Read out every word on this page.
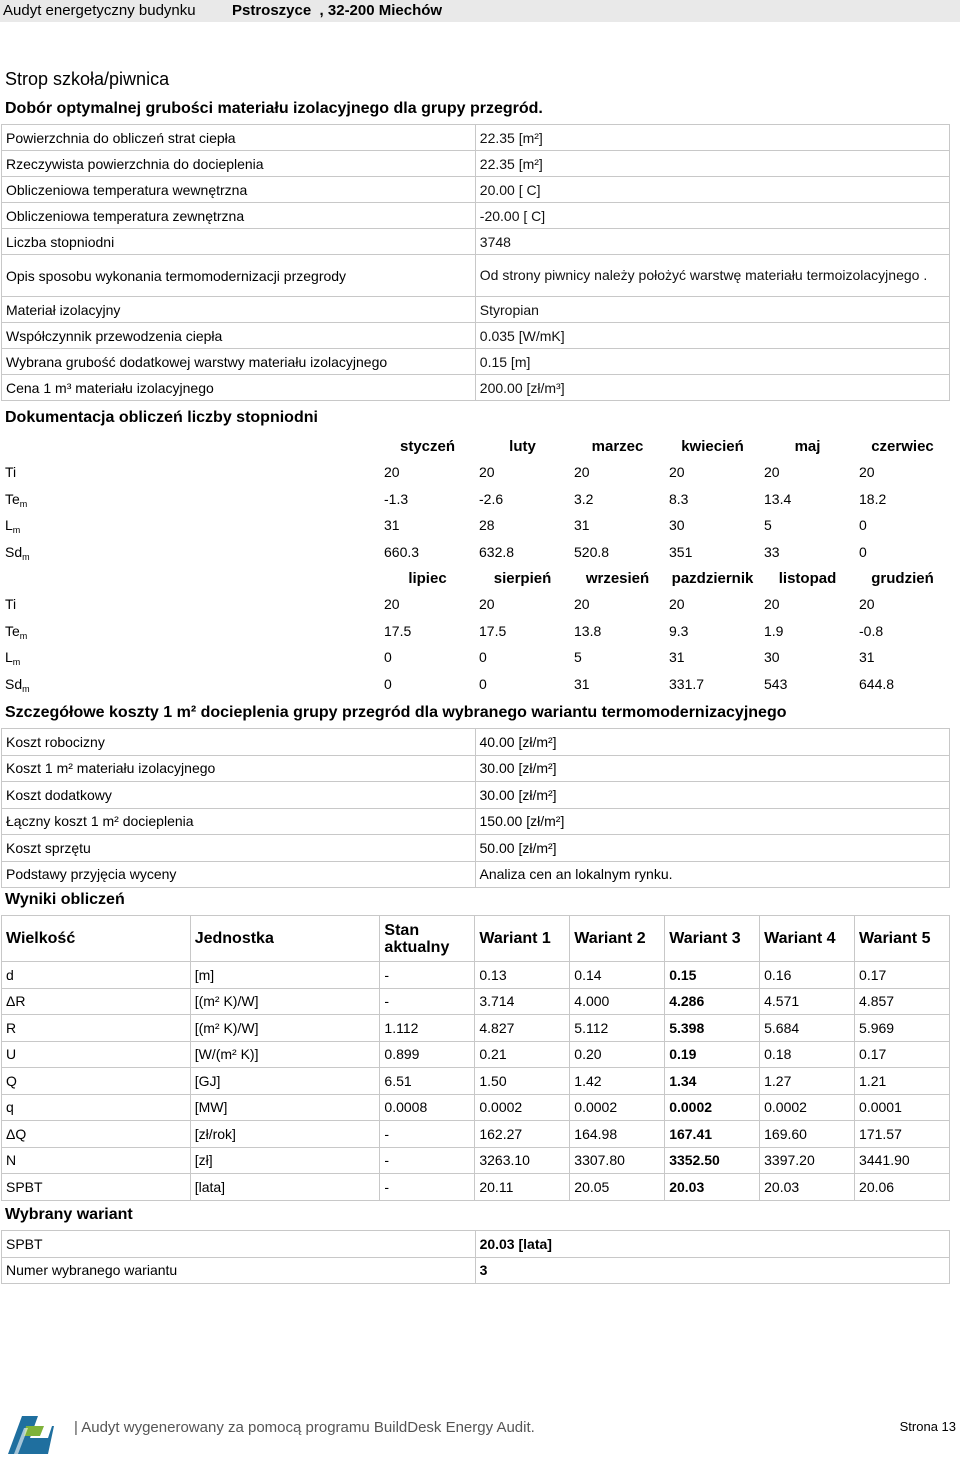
Audyt energetyczny budynku Pstroszyce  , 32-200 Miechów
Strop szkoła/piwnica
Dobór optymalnej grubości materiału izolacyjnego dla grupy przegród.
Powierzchnia do obliczeń strat ciepła	22.35 [m²]
Rzeczywista powierzchnia do docieplenia	22.35 [m²]
Obliczeniowa temperatura wewnętrzna	20.00 [ C]
Obliczeniowa temperatura zewnętrzna	-20.00 [ C]
Liczba stopniodni	3748
Opis sposobu wykonania termomodernizacji przegrody	Od strony piwnicy należy położyć warstwę materiału termoizolacyjnego .
Materiał izolacyjny	Styropian
Współczynnik przewodzenia ciepła	0.035 [W/mK]
Wybrana grubość dodatkowej warstwy materiału izolacyjnego	0.15 [m]
Cena 1 m³ materiału izolacyjnego	200.00 [zł/m³]
Dokumentacja obliczeń liczby stopniodni
	styczeń	luty	marzec	kwiecień	maj	czerwiec
Ti	20	20	20	20	20	20
$Te_m$	-1.3	-2.6	3.2	8.3	13.4	18.2
$L_m$	31	28	31	30	5	0
$Sd_m$	660.3	632.8	520.8	351	33	0
	lipiec	sierpień	wrzesień	pazdziernik	listopad	grudzień
Ti	20	20	20	20	20	20
$Te_m$	17.5	17.5	13.8	9.3	1.9	-0.8
$L_m$	0	0	5	31	30	31
$Sd_m$	0	0	31	331.7	543	644.8
Szczegółowe koszty 1 m² docieplenia grupy przegród dla wybranego wariantu termomodernizacyjnego
Koszt robocizny	40.00 [zł/m²]
Koszt 1 m² materiału izolacyjnego	30.00 [zł/m²]
Koszt dodatkowy	30.00 [zł/m²]
Łączny koszt 1 m² docieplenia	150.00 [zł/m²]
Koszt sprzętu	50.00 [zł/m²]
Podstawy przyjęcia wyceny	Analiza cen an lokalnym rynku.
Wyniki obliczeń
Wielkość	Jednostka	Stan aktualny	Wariant 1	Wariant 2	Wariant 3	Wariant 4	Wariant 5
d	[m]	-	0.13	0.14	0.15	0.16	0.17
ΔR	[(m² K)/W]	-	3.714	4.000	4.286	4.571	4.857
R	[(m² K)/W]	1.112	4.827	5.112	5.398	5.684	5.969
U	[W/(m² K)]	0.899	0.21	0.20	0.19	0.18	0.17
Q	[GJ]	6.51	1.50	1.42	1.34	1.27	1.21
q	[MW]	0.0008	0.0002	0.0002	0.0002	0.0002	0.0001
ΔQ	[zł/rok]	-	162.27	164.98	167.41	169.60	171.57
N	[zł]	-	3263.10	3307.80	3352.50	3397.20	3441.90
SPBT	[lata]	-	20.11	20.05	20.03	20.03	20.06
Wybrany wariant
SPBT	20.03 [lata]
Numer wybranego wariantu	3
| Audyt wygenerowany za pomocą programu BuildDesk Energy Audit.	Strona 13
